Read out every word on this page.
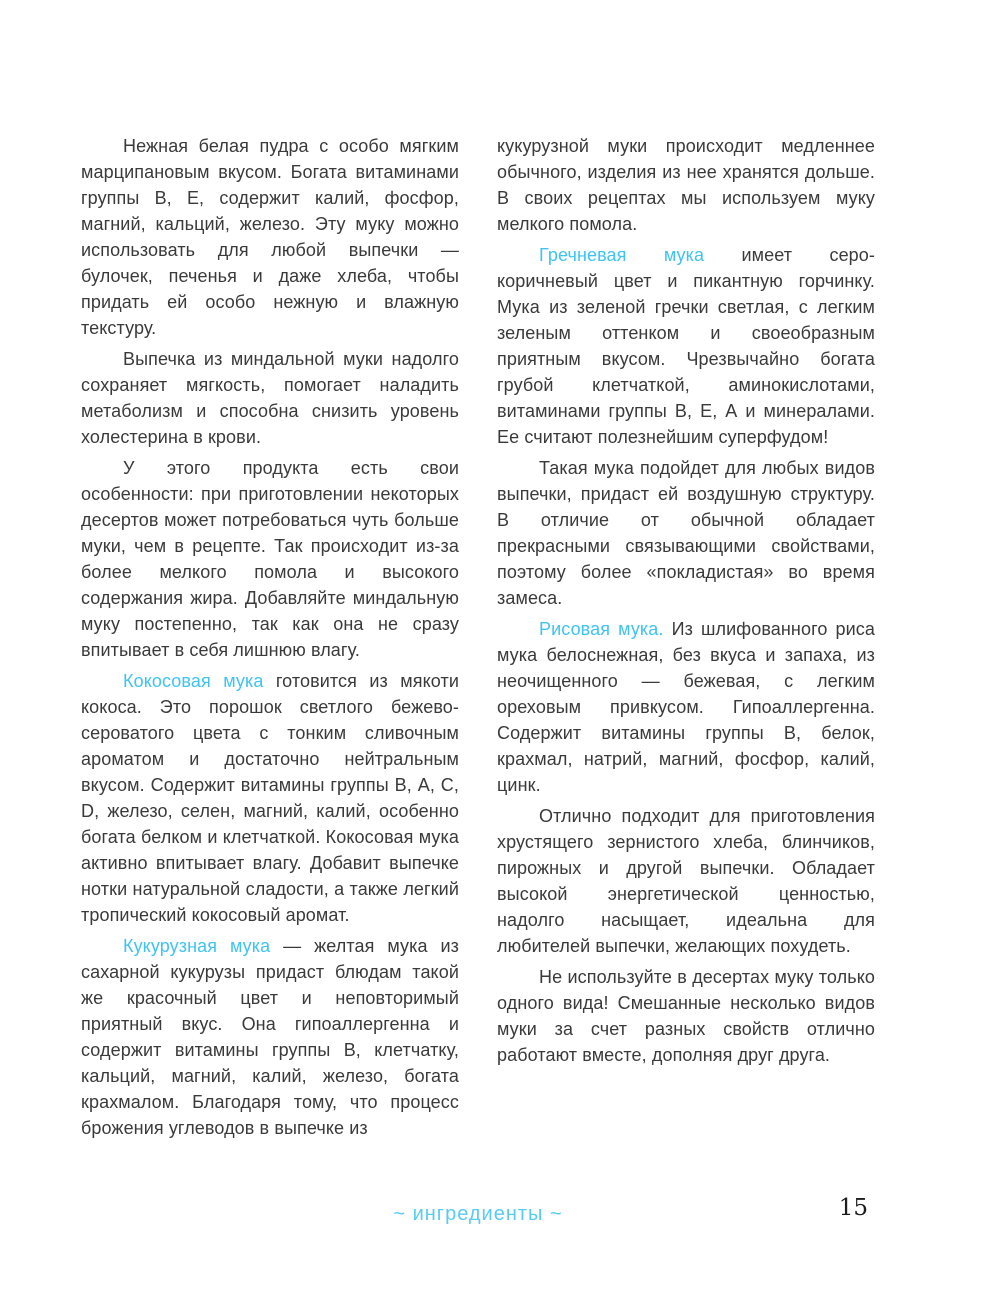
Нежная белая пудра с особо мягким марципановым вкусом. Богата витаминами группы В, Е, содержит калий, фосфор, магний, кальций, железо. Эту муку можно использовать для любой выпечки — булочек, печенья и даже хлеба, чтобы придать ей особо нежную и влажную текстуру.

Выпечка из миндальной муки надолго сохраняет мягкость, помогает наладить метаболизм и способна снизить уровень холестерина в крови.

У этого продукта есть свои особенности: при приготовлении некоторых десертов может потребоваться чуть больше муки, чем в рецепте. Так происходит из-за более мелкого помола и высокого содержания жира. Добавляйте миндальную муку постепенно, так как она не сразу впитывает в себя лишнюю влагу.

Кокосовая мука готовится из мякоти кокоса. Это порошок светлого бежево-сероватого цвета с тонким сливочным ароматом и достаточно нейтральным вкусом. Содержит витамины группы В, А, С, D, железо, селен, магний, калий, особенно богата белком и клетчаткой. Кокосовая мука активно впитывает влагу. Добавит выпечке нотки натуральной сладости, а также легкий тропический кокосовый аромат.

Кукурузная мука — желтая мука из сахарной кукурузы придаст блюдам такой же красочный цвет и неповторимый приятный вкус. Она гипоаллергенна и содержит витамины группы В, клетчатку, кальций, магний, калий, железо, богата крахмалом. Благодаря тому, что процесс брожения углеводов в выпечке из

кукурузной муки происходит медленнее обычного, изделия из нее хранятся дольше. В своих рецептах мы используем муку мелкого помола.

Гречневая мука имеет серо-коричневый цвет и пикантную горчинку. Мука из зеленой гречки светлая, с легким зеленым оттенком и своеобразным приятным вкусом. Чрезвычайно богата грубой клетчаткой, аминокислотами, витаминами группы В, Е, А и минералами. Ее считают полезнейшим суперфудом!

Такая мука подойдет для любых видов выпечки, придаст ей воздушную структуру. В отличие от обычной обладает прекрасными связывающими свойствами, поэтому более «покладистая» во время замеса.

Рисовая мука. Из шлифованного риса мука белоснежная, без вкуса и запаха, из неочищенного — бежевая, с легким ореховым привкусом. Гипоаллергенна. Содержит витамины группы В, белок, крахмал, натрий, магний, фосфор, калий, цинк.

Отлично подходит для приготовления хрустящего зернистого хлеба, блинчиков, пирожных и другой выпечки. Обладает высокой энергетической ценностью, надолго насыщает, идеальна для любителей выпечки, желающих похудеть.

Не используйте в десертах муку только одного вида! Смешанные несколько видов муки за счет разных свойств отлично работают вместе, дополняя друг друга.

~ ингредиенты ~	15
